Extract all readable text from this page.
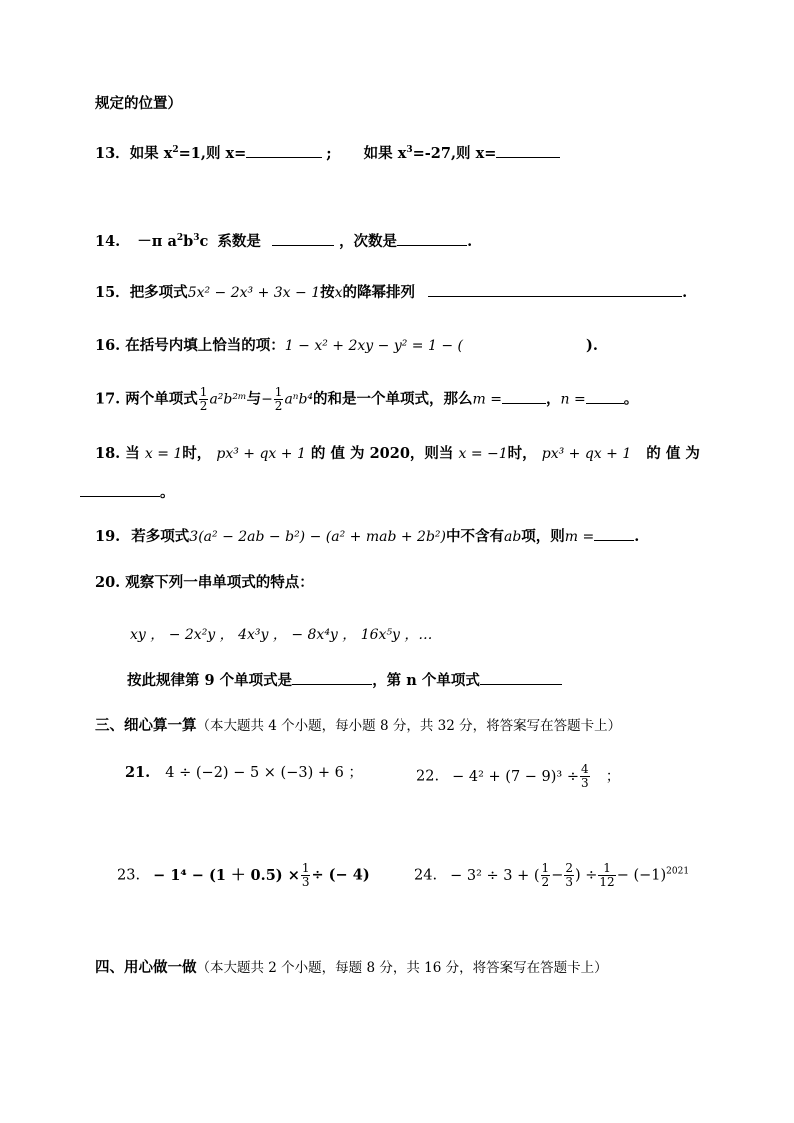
规定的位置）
13．如果 $x^2=1$,则 x=	; 如果 $x^3=-27$,则 x=
14. －π $a^2b^3c$ 系数是	，次数是	.
15．把多项式5x² − 2x³ + 3x − 1按x的降幂排列	.
16. 在括号内填上恰当的项：1 − x² + 2xy − y² = 1 − (	).
17. 两个单项式 $\frac{1}{2}$ a²b²ᵐ与− $\frac{1}{2} a^nb^4$的和是一个单项式，那么m =	，n =	。
18. 当 x = 1时， px³ + qx + 1 的 值 为 2020，则当 x = −1时， px³ + qx + 1 的 值 为
。
19. 若多项式3(a² − 2ab − b²) − (a² + mab + 2b²)中不含有ab项，则m =	.
20. 观察下列一串单项式的特点：
xy ， − 2x²y ， 4x³y ， − 8x⁴y ， 16x⁵y ，…
按此规律第 9 个单项式是	，第 n 个单项式
三、细心算一算（本大题共 4 个小题，每小题 8 分，共 32 分，将答案写在答题卡上）
21. 4 ÷ (−2) − 5 × (−3) + 6 ；	22. − $4^2 + (7 - 9)^3 \div \frac{4}{3}$ ；
23. − $1^4 - (1 + 0.5) \times \frac{1}{3}$ ÷ (− 4)	24. − 3² ÷ 3 + ( $\frac{1}{2} - \frac{2}{3}$ ) ÷ $\frac{1}{12} - (-1)^{2021}$
四、用心做一做（本大题共 2 个小题，每题 8 分，共 16 分，将答案写在答题卡上）
